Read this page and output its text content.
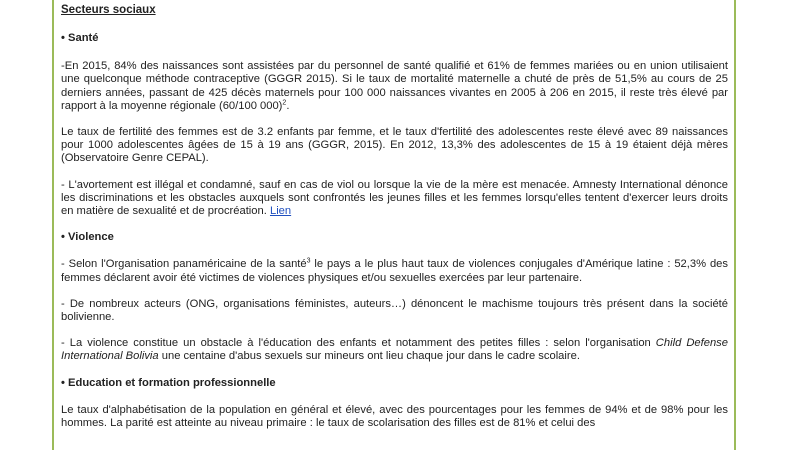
Secteurs sociaux

• Santé

-En 2015, 84% des naissances sont assistées par du personnel de santé qualifié et 61% de femmes mariées ou en union utilisaient une quelconque méthode contraceptive (GGGR 2015). Si le taux de mortalité maternelle a chuté de près de 51,5% au cours de 25 derniers années, passant de 425 décès maternels pour 100 000 naissances vivantes en 2005 à 206 en 2015, il reste très élevé par rapport à la moyenne régionale (60/100 000)$^2$.

Le taux de fertilité des femmes est de 3.2 enfants par femme, et le taux d'fertilité des adolescentes reste élevé avec 89 naissances pour 1000 adolescentes âgées de 15 à 19 ans (GGGR, 2015). En 2012, 13,3% des adolescentes de 15 à 19 étaient déjà mères (Observatoire Genre CEPAL).

- L'avortement est illégal et condamné, sauf en cas de viol ou lorsque la vie de la mère est menacée. Amnesty International dénonce les discriminations et les obstacles auxquels sont confrontés les jeunes filles et les femmes lorsqu'elles tentent d'exercer leurs droits en matière de sexualité et de procréation. Lien

• Violence

- Selon l'Organisation panaméricaine de la santé$^3$ le pays a le plus haut taux de violences conjugales d'Amérique latine : 52,3% des femmes déclarent avoir été victimes de violences physiques et/ou sexuelles exercées par leur partenaire.

- De nombreux acteurs (ONG, organisations féministes, auteurs…) dénoncent le machisme toujours très présent dans la société bolivienne.

- La violence constitue un obstacle à l'éducation des enfants et notamment des petites filles : selon l'organisation Child Defense International Bolivia une centaine d'abus sexuels sur mineurs ont lieu chaque jour dans le cadre scolaire.

• Education et formation professionnelle

Le taux d'alphabétisation de la population en général et élevé, avec des pourcentages pour les femmes de 94% et de 98% pour les hommes. La parité est atteinte au niveau primaire : le taux de scolarisation des filles est de 81% et celui des
